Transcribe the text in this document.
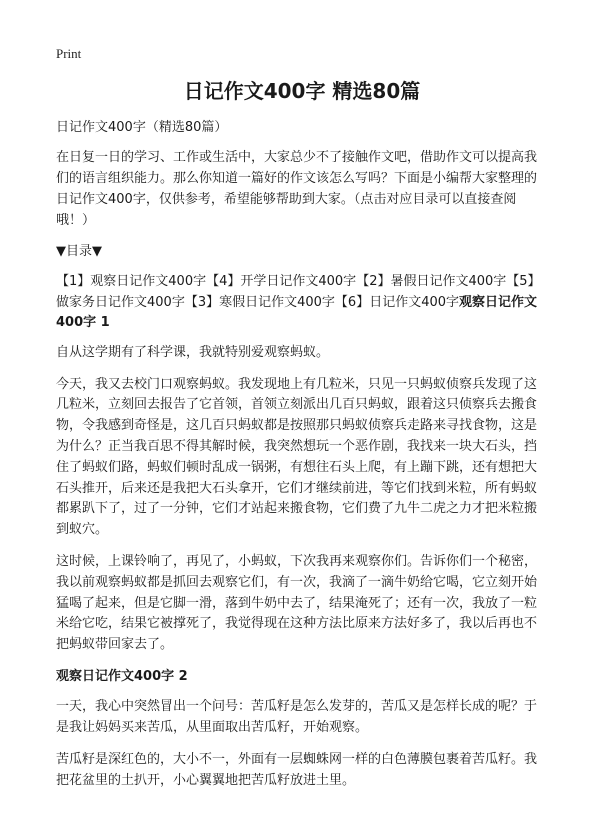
Print
日记作文400字 精选80篇
日记作文400字（精选80篇）

在日复一日的学习、工作或生活中，大家总少不了接触作文吧，借助作文可以提高我们的语言组织能力。那么你知道一篇好的作文该怎么写吗？下面是小编帮大家整理的日记作文400字，仅供参考，希望能够帮助到大家。（点击对应目录可以直接查阅哦！）

▼目录▼
【1】观察日记作文400字【4】开学日记作文400字【2】暑假日记作文400字【5】做家务日记作文400字【3】寒假日记作文400字【6】日记作文400字观察日记作文400字 1

自从这学期有了科学课，我就特别爱观察蚂蚁。

今天，我又去校门口观察蚂蚁。我发现地上有几粒米，只见一只蚂蚁侦察兵发现了这几粒米，立刻回去报告了它首领，首领立刻派出几百只蚂蚁，跟着这只侦察兵去搬食物，令我感到奇怪是，这几百只蚂蚁都是按照那只蚂蚁侦察兵走路来寻找食物，这是为什么？正当我百思不得其解时候，我突然想玩一个恶作剧，我找来一块大石头，挡住了蚂蚁们路，蚂蚁们顿时乱成一锅粥，有想往石头上爬，有上蹦下跳，还有想把大石头推开，后来还是我把大石头拿开，它们才继续前进，等它们找到米粒，所有蚂蚁都累趴下了，过了一分钟，它们才站起来搬食物，它们费了九牛二虎之力才把米粒搬到蚁穴。

这时候，上课铃响了，再见了，小蚂蚁，下次我再来观察你们。告诉你们一个秘密，我以前观察蚂蚁都是抓回去观察它们，有一次，我滴了一滴牛奶给它喝，它立刻开始猛喝了起来，但是它脚一滑，落到牛奶中去了，结果淹死了；还有一次，我放了一粒米给它吃，结果它被撑死了，我觉得现在这种方法比原来方法好多了，我以后再也不把蚂蚁带回家去了。

观察日记作文400字 2

一天，我心中突然冒出一个问号：苦瓜籽是怎么发芽的，苦瓜又是怎样长成的呢？于是我让妈妈买来苦瓜，从里面取出苦瓜籽，开始观察。

苦瓜籽是深红色的，大小不一，外面有一层蜘蛛网一样的白色薄膜包裹着苦瓜籽。我把花盆里的土扒开，小心翼翼地把苦瓜籽放进土里。
